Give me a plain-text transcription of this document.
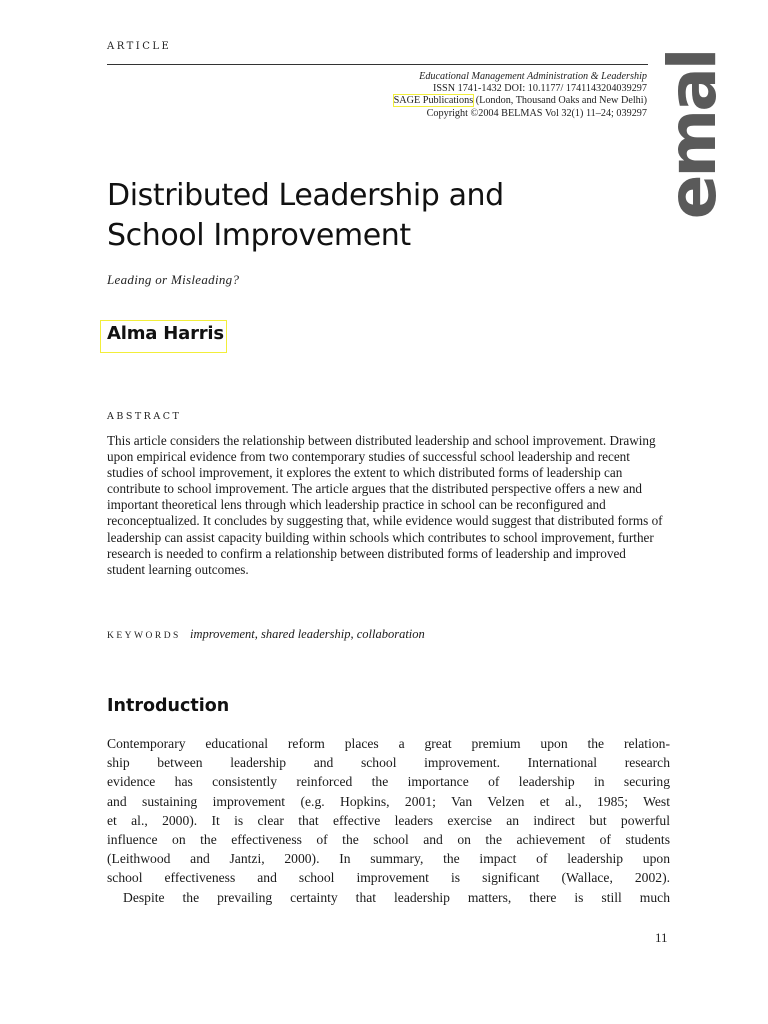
ARTICLE
Educational Management Administration & Leadership
ISSN 1741-1432 DOI: 10.1177/ 1741143204039297
SAGE Publications (London, Thousand Oaks and New Delhi)
Copyright ©2004 BELMAS Vol 32(1) 11–24; 039297 emal
Distributed Leadership and
School Improvement
Leading or Misleading?
Alma Harris
ABSTRACT

This article considers the relationship between distributed leadership and school improvement. Drawing upon empirical evidence from two contemporary studies of successful school leadership and recent studies of school improvement, it explores the extent to which distributed forms of leadership can contribute to school improvement. The article argues that the distributed perspective offers a new and important theoretical lens through which leadership practice in school can be reconfigured and reconceptualized. It concludes by suggesting that, while evidence would suggest that distributed forms of leadership can assist capacity building within schools which contributes to school improvement, further research is needed to confirm a relationship between distributed forms of leadership and improved student learning outcomes.

KEYWORDS improvement, shared leadership, collaboration
Introduction
Contemporary educational reform places a great premium upon the relation-
ship between leadership and school improvement. International research
evidence has consistently reinforced the importance of leadership in securing
and sustaining improvement (e.g. Hopkins, 2001; Van Velzen et al., 1985; West
et al., 2000). It is clear that effective leaders exercise an indirect but powerful
influence on the effectiveness of the school and on the achievement of students
(Leithwood and Jantzi, 2000). In summary, the impact of leadership upon
school effectiveness and school improvement is significant (Wallace, 2002).
Despite the prevailing certainty that leadership matters, there is still much
11
